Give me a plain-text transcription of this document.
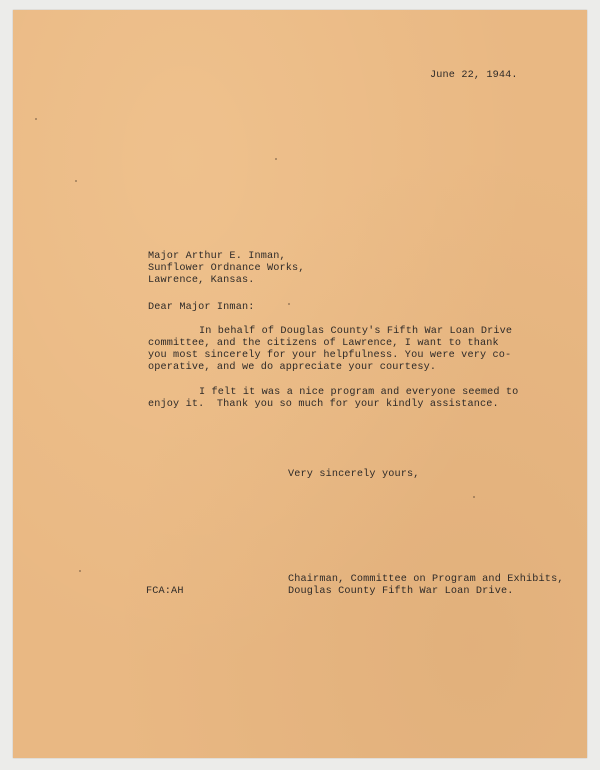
June 22, 1944.

Major Arthur E. Inman,

Sunflower Ordnance Works,

Lawrence, Kansas.

Dear Major Inman:

In behalf of Douglas County's Fifth War Loan Drive

committee, and the citizens of Lawrence, I want to thank

you most sincerely for your helpfulness. You were very co-

operative, and we do appreciate your courtesy.

I felt it was a nice program and everyone seemed to

enjoy it.  Thank you so much for your kindly assistance.

Very sincerely yours,

Chairman, Committee on Program and Exhibits,

Douglas County Fifth War Loan Drive.

FCA:AH
